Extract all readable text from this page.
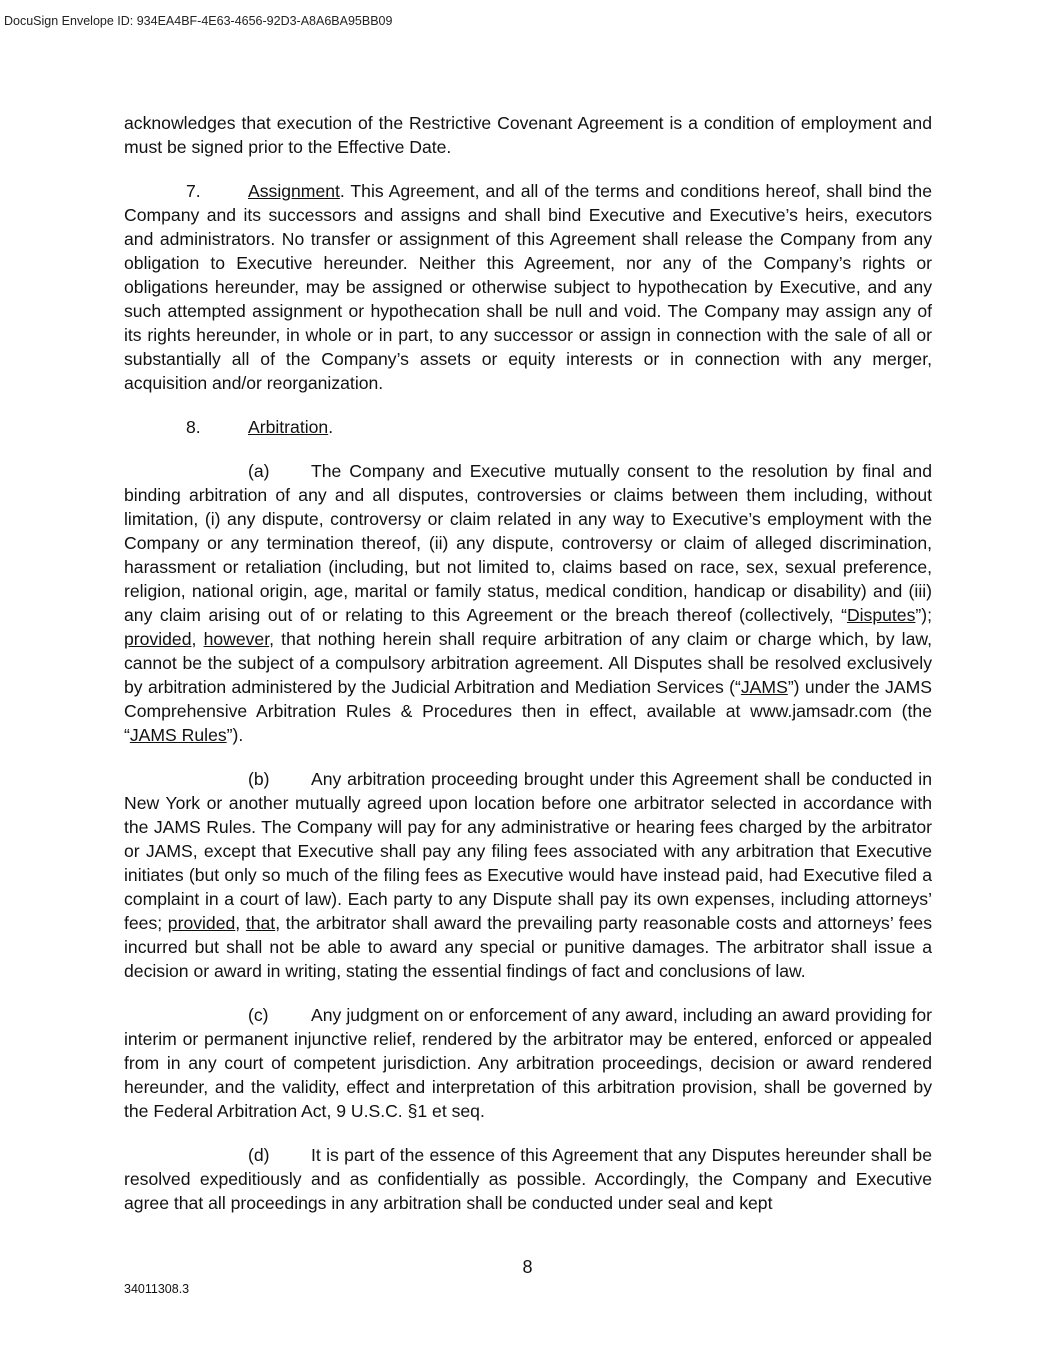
DocuSign Envelope ID: 934EA4BF-4E63-4656-92D3-A8A6BA95BB09

acknowledges that execution of the Restrictive Covenant Agreement is a condition of employment and must be signed prior to the Effective Date.

7.	Assignment. This Agreement, and all of the terms and conditions hereof, shall bind the Company and its successors and assigns and shall bind Executive and Executive’s heirs, executors and administrators. No transfer or assignment of this Agreement shall release the Company from any obligation to Executive hereunder. Neither this Agreement, nor any of the Company’s rights or obligations hereunder, may be assigned or otherwise subject to hypothecation by Executive, and any such attempted assignment or hypothecation shall be null and void. The Company may assign any of its rights hereunder, in whole or in part, to any successor or assign in connection with the sale of all or substantially all of the Company’s assets or equity interests or in connection with any merger, acquisition and/or reorganization.

8.	Arbitration.

(a) The Company and Executive mutually consent to the resolution by final and binding arbitration of any and all disputes, controversies or claims between them including, without limitation, (i) any dispute, controversy or claim related in any way to Executive’s employment with the Company or any termination thereof, (ii) any dispute, controversy or claim of alleged discrimination, harassment or retaliation (including, but not limited to, claims based on race, sex, sexual preference, religion, national origin, age, marital or family status, medical condition, handicap or disability) and (iii) any claim arising out of or relating to this Agreement or the breach thereof (collectively, “Disputes”); provided, however, that nothing herein shall require arbitration of any claim or charge which, by law, cannot be the subject of a compulsory arbitration agreement. All Disputes shall be resolved exclusively by arbitration administered by the Judicial Arbitration and Mediation Services (“JAMS”) under the JAMS Comprehensive Arbitration Rules & Procedures then in effect, available at www.jamsadr.com (the “JAMS Rules”).

(b) Any arbitration proceeding brought under this Agreement shall be conducted in New York or another mutually agreed upon location before one arbitrator selected in accordance with the JAMS Rules. The Company will pay for any administrative or hearing fees charged by the arbitrator or JAMS, except that Executive shall pay any filing fees associated with any arbitration that Executive initiates (but only so much of the filing fees as Executive would have instead paid, had Executive filed a complaint in a court of law). Each party to any Dispute shall pay its own expenses, including attorneys’ fees; provided, that, the arbitrator shall award the prevailing party reasonable costs and attorneys’ fees incurred but shall not be able to award any special or punitive damages. The arbitrator shall issue a decision or award in writing, stating the essential findings of fact and conclusions of law.

(c) Any judgment on or enforcement of any award, including an award providing for interim or permanent injunctive relief, rendered by the arbitrator may be entered, enforced or appealed from in any court of competent jurisdiction. Any arbitration proceedings, decision or award rendered hereunder, and the validity, effect and interpretation of this arbitration provision, shall be governed by the Federal Arbitration Act, 9 U.S.C. §1 et seq.

(d) It is part of the essence of this Agreement that any Disputes hereunder shall be resolved expeditiously and as confidentially as possible. Accordingly, the Company and Executive agree that all proceedings in any arbitration shall be conducted under seal and kept

8
34011308.3
